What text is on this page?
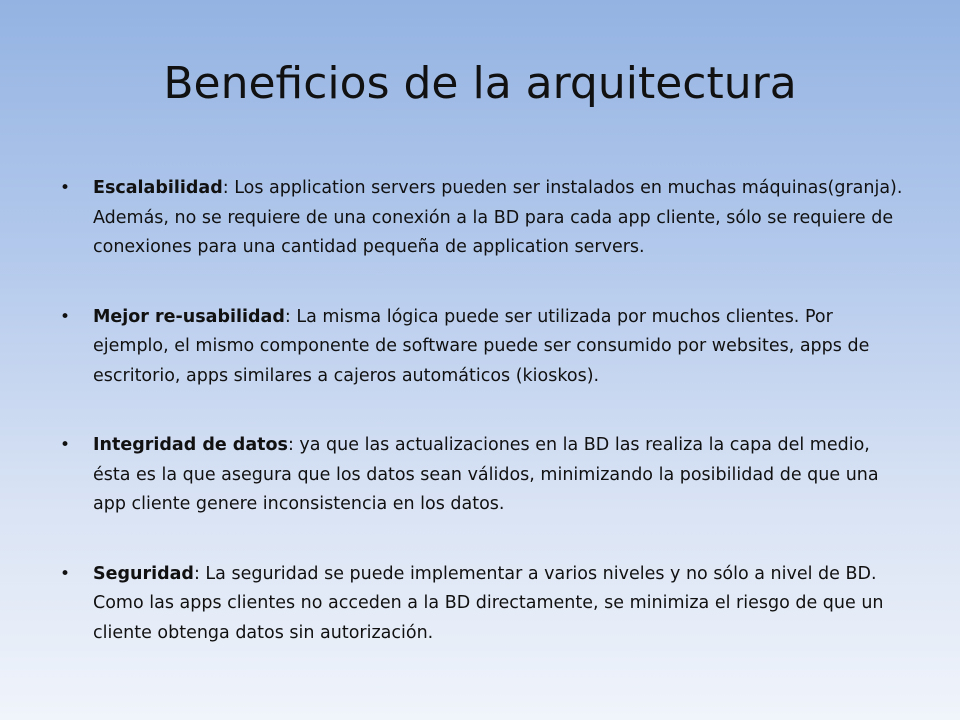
Beneficios de la arquitectura
• Escalabilidad: Los application servers pueden ser instalados en muchas máquinas(granja). Además, no se requiere de una conexión a la BD para cada app cliente, sólo se requiere de conexiones para una cantidad pequeña de application servers.
• Mejor re-usabilidad: La misma lógica puede ser utilizada por muchos clientes. Por ejemplo, el mismo componente de software puede ser consumido por websites, apps de escritorio, apps similares a cajeros automáticos (kioskos).
• Integridad de datos: ya que las actualizaciones en la BD las realiza la capa del medio, ésta es la que asegura que los datos sean válidos, minimizando la posibilidad de que una app cliente genere inconsistencia en los datos.
• Seguridad: La seguridad se puede implementar a varios niveles y no sólo a nivel de BD. Como las apps clientes no acceden a la BD directamente, se minimiza el riesgo de que un cliente obtenga datos sin autorización.
